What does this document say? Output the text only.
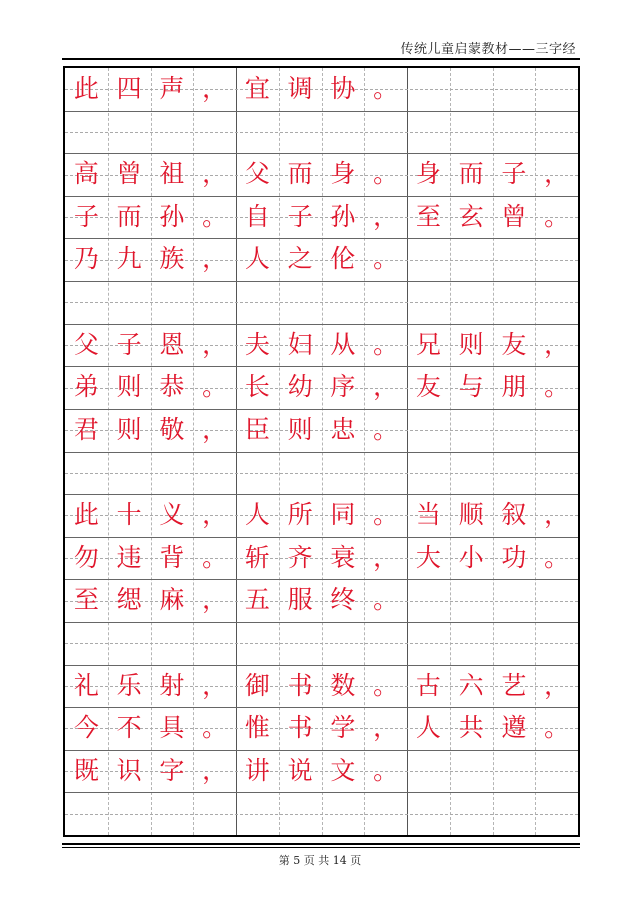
传统儿童启蒙教材——三字经
此 四 声 ， 宜 调 协 。
高 曾 祖 ， 父 而 身 。 身 而 子 ，
子 而 孙 。 自 子 孙 ， 至 玄 曾 。
乃 九 族 ， 人 之 伦 。
父 子 恩 ， 夫 妇 从 。 兄 则 友 ，
弟 则 恭 。 长 幼 序 ， 友 与 朋 。
君 则 敬 ， 臣 则 忠 。
此 十 义 ， 人 所 同 。 当 顺 叙 ，
勿 违 背 。 斩 齐 衰 ， 大 小 功 。
至 缌 麻 ， 五 服 终 。
礼 乐 射 ， 御 书 数 。 古 六 艺 ，
今 不 具 。 惟 书 学 ， 人 共 遵 。
既 识 字 ， 讲 说 文 。
第 5 页 共 14 页
